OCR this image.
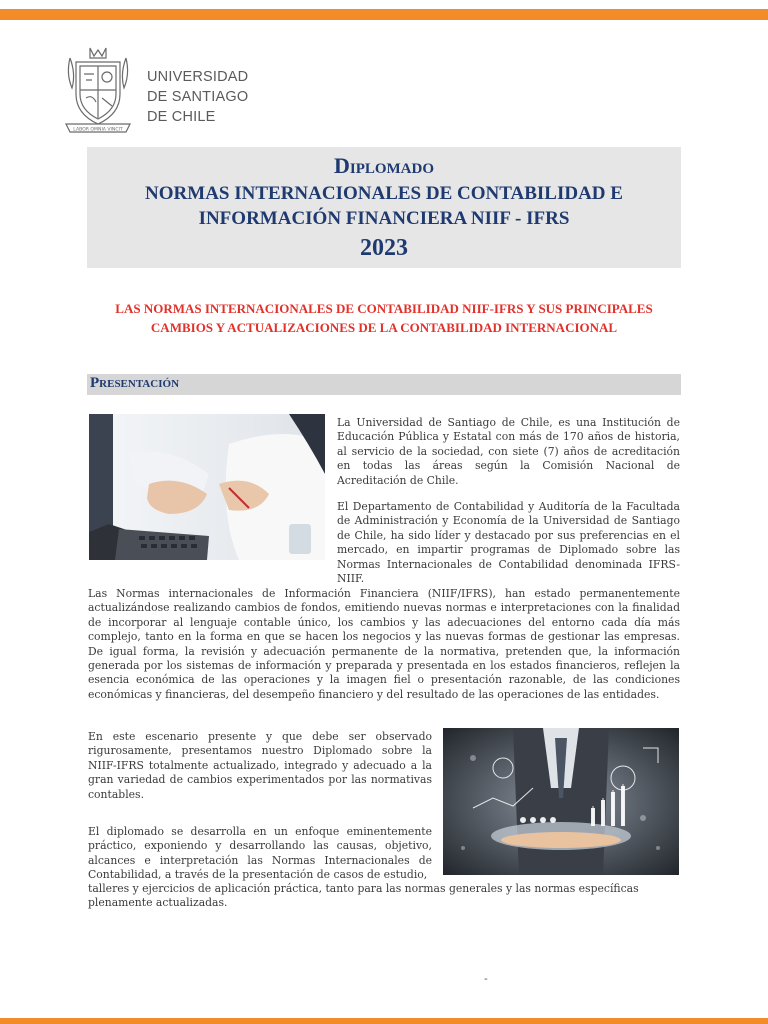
LABOR OMNIA VINCIT
UNIVERSIDAD
DE SANTIAGO
DE CHILE
Diplomado
NORMAS INTERNACIONALES DE CONTABILIDAD E
INFORMACIÓN FINANCIERA NIIF - IFRS
2023
LAS NORMAS INTERNACIONALES DE CONTABILIDAD NIIF-IFRS Y SUS PRINCIPALES
CAMBIOS Y ACTUALIZACIONES DE LA CONTABILIDAD INTERNACIONAL
Presentación
La Universidad de Santiago de Chile, es una Institución de Educación Pública y Estatal con más de 170 años de historia, al servicio de la sociedad, con siete (7) años de acreditación en todas las áreas según la Comisión Nacional de Acreditación de Chile.
El Departamento de Contabilidad y Auditoría de la Facultada de Administración y Economía de la Universidad de Santiago de Chile, ha sido líder y destacado por sus preferencias en el mercado, en impartir programas de Diplomado sobre las Normas Internacionales de Contabilidad denominada IFRS-NIIF.
Las Normas internacionales de Información Financiera (NIIF/IFRS), han estado permanentemente actualizándose realizando cambios de fondos, emitiendo nuevas normas e interpretaciones con la finalidad de incorporar al lenguaje contable único, los cambios y las adecuaciones del entorno cada día más complejo, tanto en la forma en que se hacen los negocios y las nuevas formas de gestionar las empresas. De igual forma, la revisión y adecuación permanente de la normativa, pretenden que, la información generada por los sistemas de información y preparada y presentada en los estados financieros, reflejen la esencia económica de las operaciones y la imagen fiel o presentación razonable, de las condiciones económicas y financieras, del desempeño financiero y del resultado de las operaciones de las entidades.
En este escenario presente y que debe ser observado rigurosamente, presentamos nuestro Diplomado sobre la NIIF-IFRS totalmente actualizado, integrado y adecuado a la gran variedad de cambios experimentados por las normativas contables.
El diplomado se desarrolla en un enfoque eminentemente práctico, exponiendo y desarrollando las causas, objetivo, alcances e interpretación las Normas Internacionales de Contabilidad, a través de la presentación de casos de estudio,
talleres y ejercicios de aplicación práctica, tanto para las normas generales y las normas específicas plenamente actualizadas.
-
